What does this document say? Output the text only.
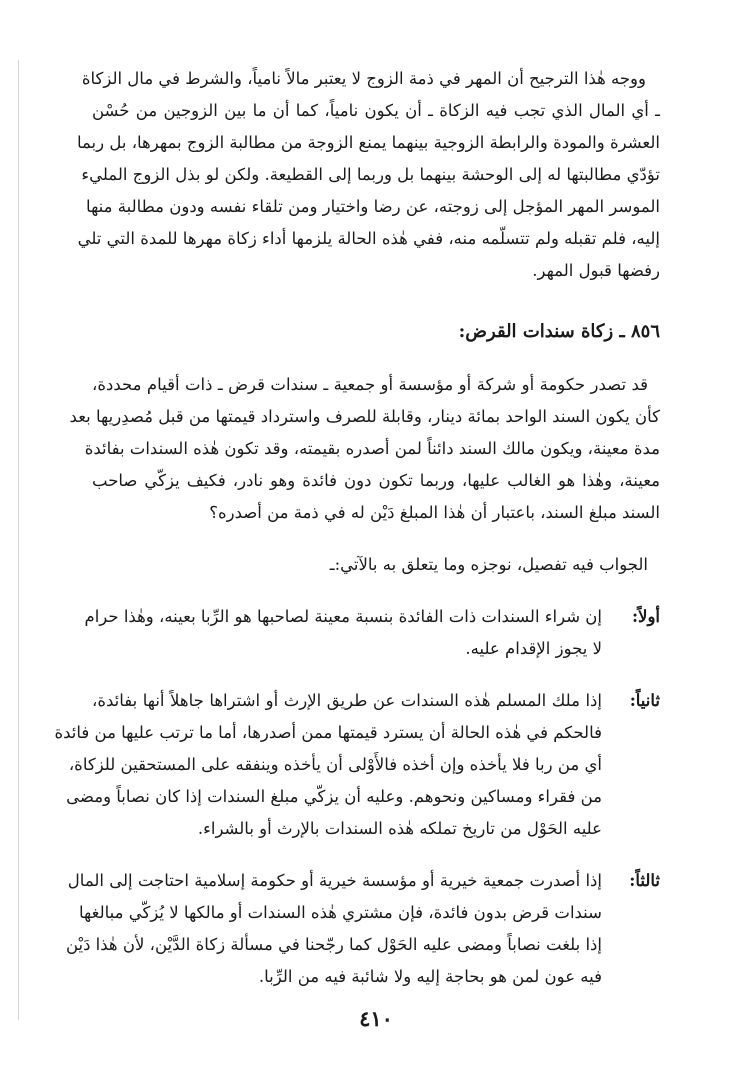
ووجه هٰذا الترجيح أن المهر في ذمة الزوج لا يعتبر مالاً نامياً، والشرط في مال الزكاة
ـ أي المال الذي تجب فيه الزكاة ـ أن يكون نامياً، كما أن ما بين الزوجين من حُسْن
العشرة والمودة والرابطة الزوجية بينهما يمنع الزوجة من مطالبة الزوج بمهرها، بل ربما
تؤدّي مطالبتها له إلى الوحشة بينهما بل وربما إلى القطيعة. ولكن لو بذل الزوج المليء
الموسر المهر المؤجل إلى زوجته، عن رضا واختيار ومن تلقاء نفسه ودون مطالبة منها
إليه، فلم تقبله ولم تتسلّمه منه، ففي هٰذه الحالة يلزمها أداء زكاة مهرها للمدة التي تلي
رفضها قبول المهر.
٨٥٦ ـ زكاة سندات القرض:
قد تصدر حكومة أو شركة أو مؤسسة أو جمعية ـ سندات قرض ـ ذات أقيام محددة،
كأن يكون السند الواحد بمائة دينار، وقابلة للصرف واسترداد قيمتها من قبل مُصدِريها بعد
مدة معينة، ويكون مالك السند دائناً لمن أصدره بقيمته، وقد تكون هٰذه السندات بفائدة
معينة، وهٰذا هو الغالب عليها، وربما تكون دون فائدة وهو نادر، فكيف يزكّي صاحب
السند مبلغ السند، باعتبار أن هٰذا المبلغ دَيْن له في ذمة من أصدره؟
الجواب فيه تفصيل، نوجزه وما يتعلق به بالآتي:ـ
أولاً:
إن شراء السندات ذات الفائدة بنسبة معينة لصاحبها هو الرِّبا بعينه، وهٰذا حرام
لا يجوز الإقدام عليه.
ثانياً:
إذا ملك المسلم هٰذه السندات عن طريق الإرث أو اشتراها جاهلاً أنها بفائدة،
فالحكم في هٰذه الحالة أن يسترد قيمتها ممن أصدرها، أما ما ترتب عليها من فائدة
أي من ربا فلا يأخذه وإن أخذه فالأَوْلى أن يأخذه وينفقه على المستحقين للزكاة،
من فقراء ومساكين ونحوهم. وعليه أن يزكّي مبلغ السندات إذا كان نصاباً ومضى
عليه الحَوْل من تاريخ تملكه هٰذه السندات بالإرث أو بالشراء.
ثالثاً:
إذا أصدرت جمعية خيرية أو مؤسسة خيرية أو حكومة إسلامية احتاجت إلى المال
سندات قرض بدون فائدة، فإن مشتري هٰذه السندات أو مالكها لا يُزكّي مبالغها
إذا بلغت نصاباً ومضى عليه الحَوْل كما رجّحنا في مسألة زكاة الدَّيْن، لأن هٰذا دَيْن
فيه عون لمن هو بحاجة إليه ولا شائبة فيه من الرِّبا.
٤١٠
